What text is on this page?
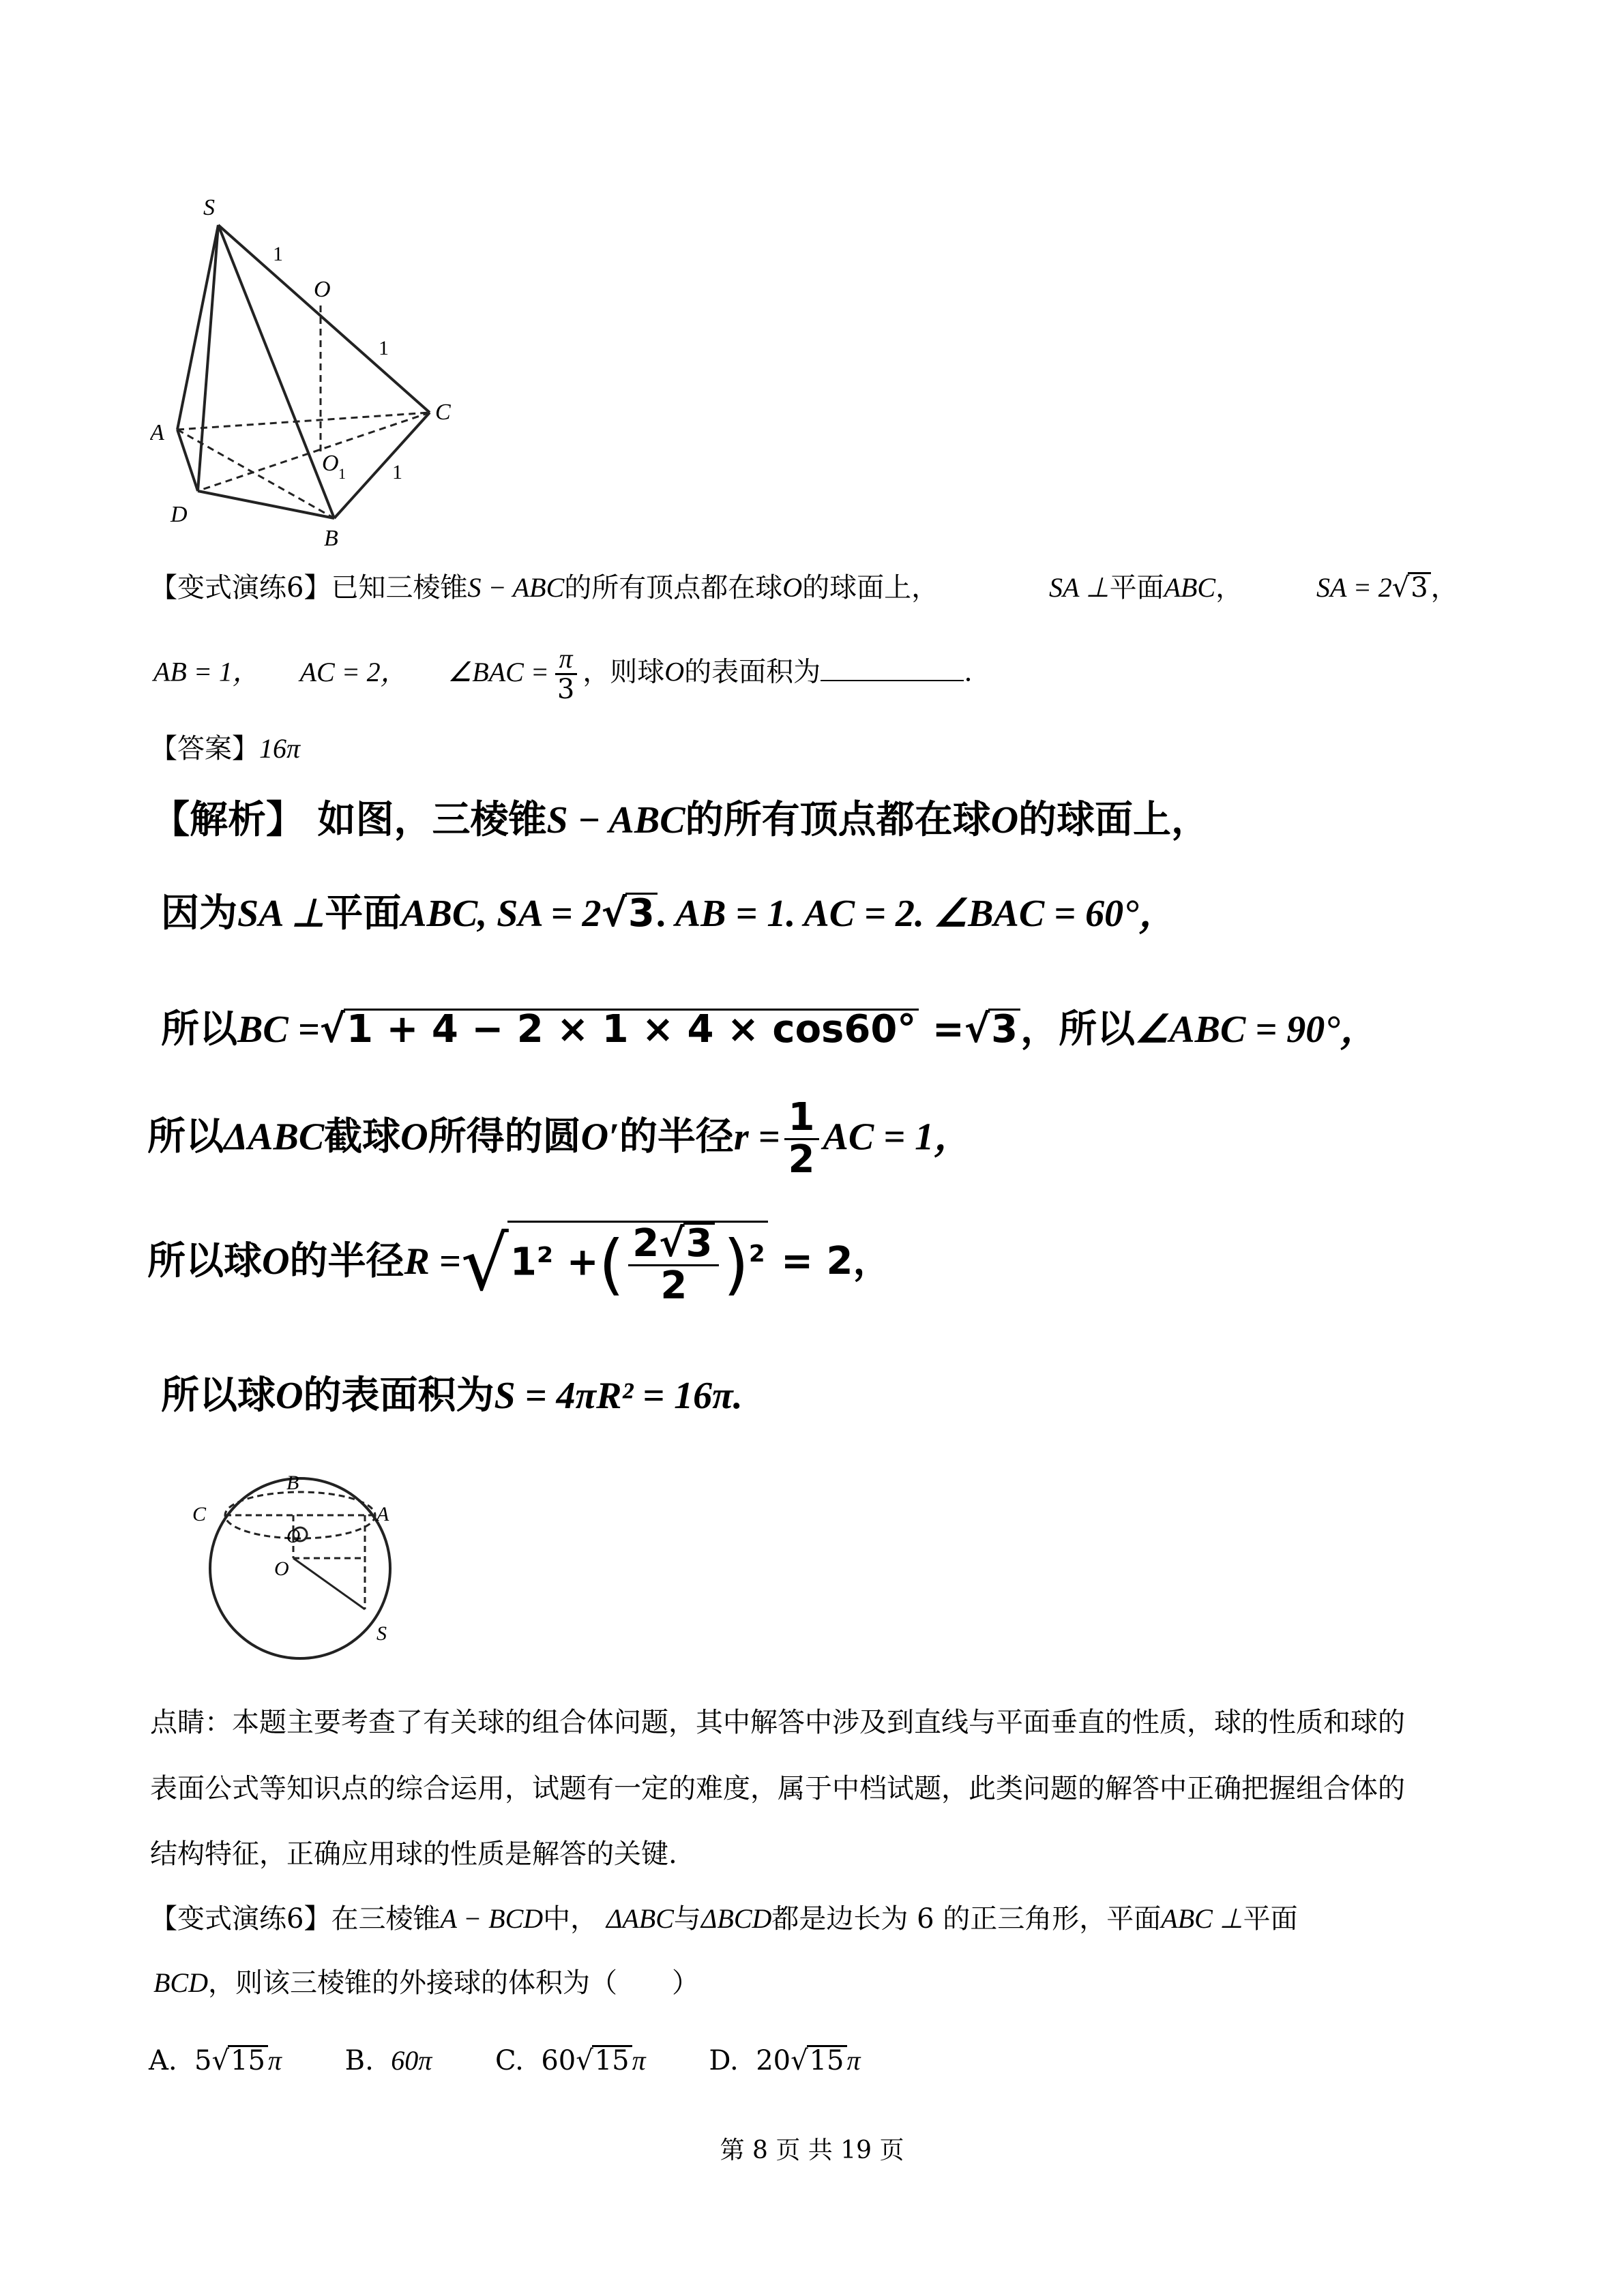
S
O
A
C
D
B
O 1
1
1
1
【变式演练6】已知三棱锥S − ABC的所有顶点都在球O的球面上，	SA ⊥平面ABC，	SA = 2√3 ，
AB = 1， AC = 2， ∠BAC = $\frac{\pi}{3}$ ，则球O的表面积为	.
【答案】16π
【解析】 如图，三棱锥S − ABC的所有顶点都在球O的球面上，
因为SA ⊥平面ABC, SA = 2√3. AB = 1. AC = 2. ∠BAC = 60°，
所以BC =√1 + 4 − 2 × 1 × 4 × cos60° =√3，所以∠ABC = 90°，
所以ΔABC截球O所得的圆O′的半径$r = \frac{1}{2}$ AC = 1，
所以球O的半径R =√1² +( $\frac{2√3}{2} )^2 = 2$，
所以球O的表面积为S = 4πR² = 16π.
B
C	A
O
O
S
点睛：本题主要考查了有关球的组合体问题，其中解答中涉及到直线与平面垂直的性质，球的性质和球的
表面公式等知识点的综合运用，试题有一定的难度，属于中档试题，此类问题的解答中正确把握组合体的
结构特征，正确应用球的性质是解答的关键.
【变式演练6】在三棱锥A − BCD中， ΔABC与ΔBCD都是边长为 6 的正三角形，平面ABC ⊥平面
BCD，则该三棱锥的外接球的体积为（　　）
A. 5√15 π B. 60π C. 60√15 π D. 20√15 π
第 8 页 共 19 页
